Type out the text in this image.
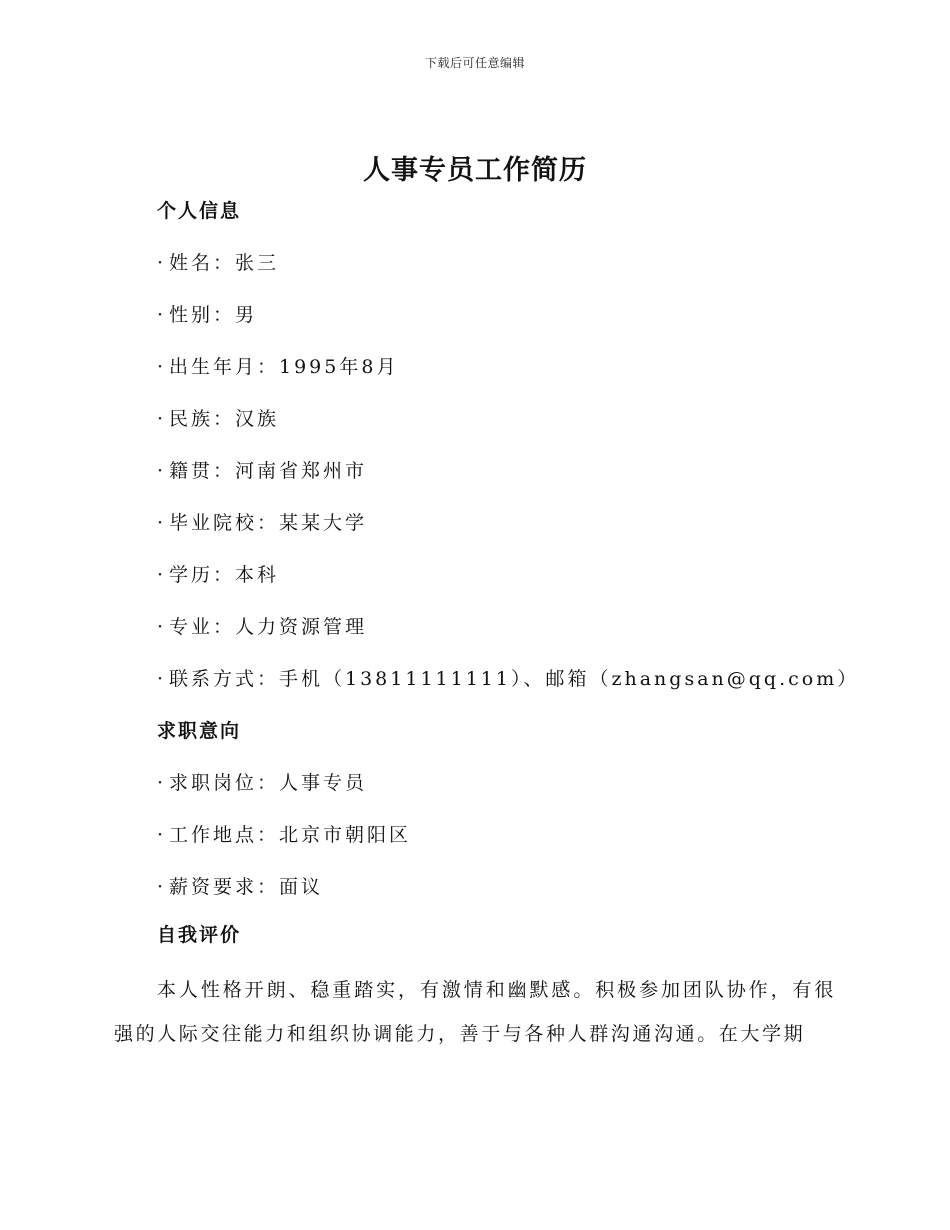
下载后可任意编辑
人事专员工作简历
个人信息
· 姓名：张三
· 性别：男
· 出生年月：1995年8月
· 民族：汉族
· 籍贯：河南省郑州市
· 毕业院校：某某大学
· 学历：本科
· 专业：人力资源管理
· 联系方式：手机（13811111111）、邮箱（zhangsan@qq.com）
求职意向
· 求职岗位：人事专员
· 工作地点：北京市朝阳区
· 薪资要求：面议
自我评价

本人性格开朗、稳重踏实，有激情和幽默感。积极参加团队协作，有很强的人际交往能力和组织协调能力，善于与各种人群沟通沟通。在大学期
